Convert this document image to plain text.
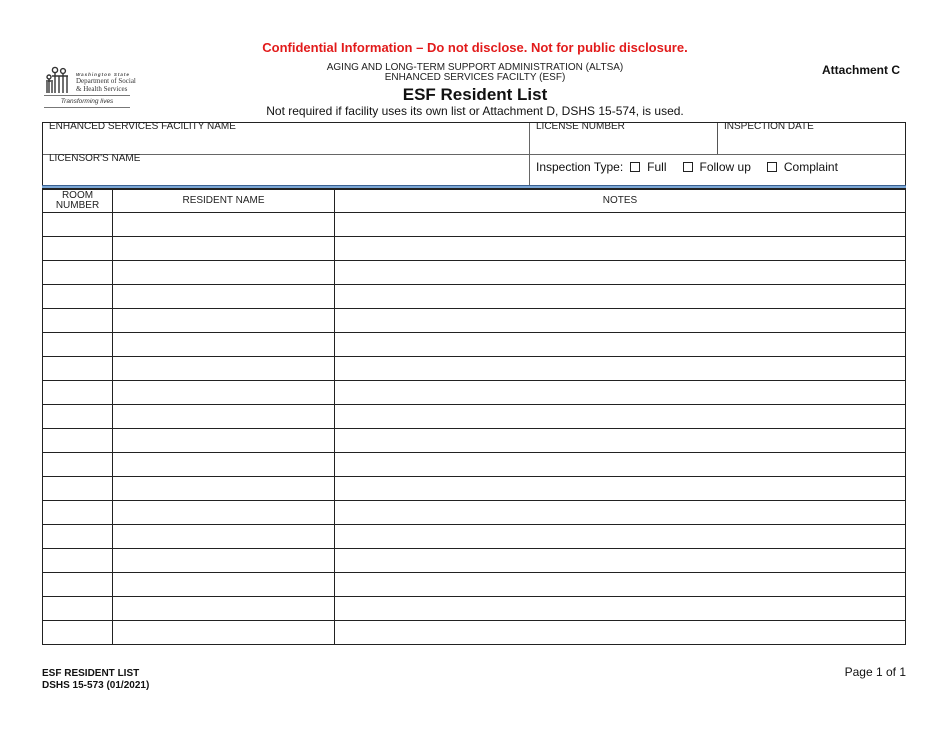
Confidential Information – Do not disclose. Not for public disclosure.
Washington State
Department of Social
& Health Services
Transforming lives
AGING AND LONG-TERM SUPPORT ADMINISTRATION (ALTSA)
ENHANCED SERVICES FACILTY (ESF)
ESF Resident List
Not required if facility uses its own list or Attachment D, DSHS 15-574, is used.
Attachment C
ENHANCED SERVICES FACILITY NAME	LICENSE NUMBER	INSPECTION DATE
LICENSOR'S NAME
Inspection Type: Full	Follow up	Complaint
ROOM NUMBER	RESIDENT NAME	NOTES

ESF RESIDENT LIST
DSHS 15-573 (01/2021)
Page 1 of 1
